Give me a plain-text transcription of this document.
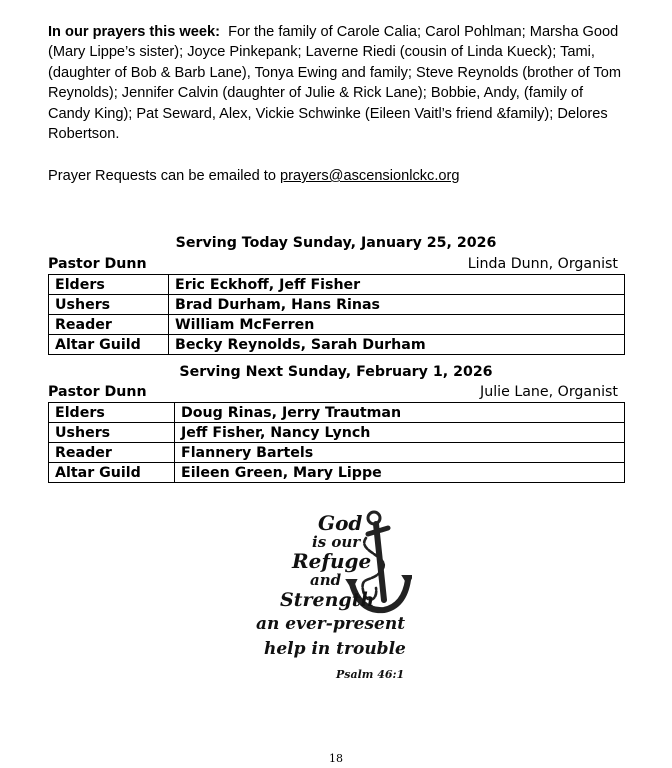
In our prayers this week: For the family of Carole Calia; Carol Pohlman; Marsha Good (Mary Lippe’s sister); Joyce Pinkepank; Laverne Riedi (cousin of Linda Kueck); Tami, (daughter of Bob & Barb Lane), Tonya Ewing and family; Steve Reynolds (brother of Tom Reynolds); Jennifer Calvin (daughter of Julie & Rick Lane); Bobbie, Andy, (family of Candy King); Pat Seward, Alex, Vickie Schwinke (Eileen Vaitl’s friend &family); Delores Robertson.

Prayer Requests can be emailed to prayers@ascensionlckc.org

Serving Today Sunday, January 25, 2026
Pastor Dunn	Linda Dunn, Organist
Elders	Eric Eckhoff, Jeff Fisher
Ushers	Brad Durham, Hans Rinas
Reader	William McFerren
Altar Guild	Becky Reynolds, Sarah Durham
Serving Next Sunday, February 1, 2026
Pastor Dunn	Julie Lane, Organist
Elders	Doug Rinas, Jerry Trautman
Ushers	Jeff Fisher, Nancy Lynch
Reader	Flannery Bartels
Altar Guild	Eileen Green, Mary Lippe
God
is our
Refuge
and
Strength
an ever-present
help in trouble
Psalm 46:1
18
